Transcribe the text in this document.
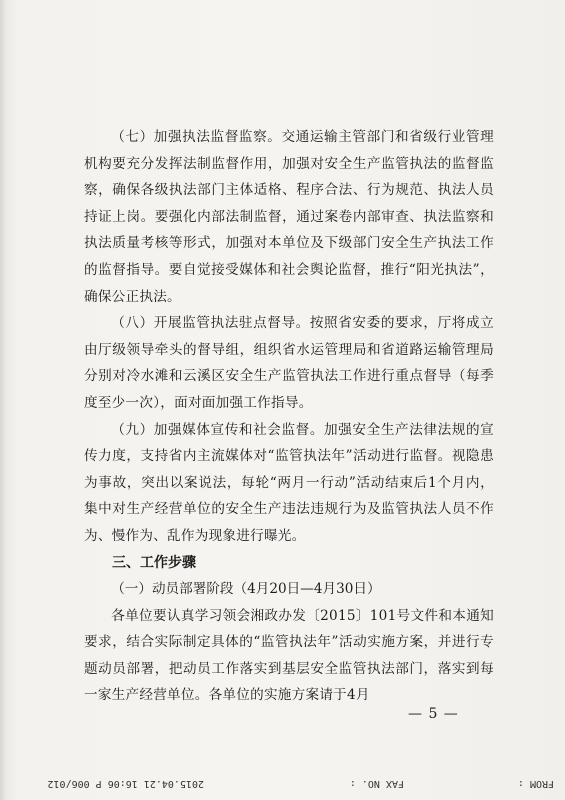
（七）加强执法监督监察。交通运输主管部门和省级行业管理机构要充分发挥法制监督作用，加强对安全生产监管执法的监督监察，确保各级执法部门主体适格、程序合法、行为规范、执法人员持证上岗。要强化内部法制监督，通过案卷内部审查、执法监察和执法质量考核等形式，加强对本单位及下级部门安全生产执法工作的监督指导。要自觉接受媒体和社会舆论监督，推行“阳光执法”，确保公正执法。

（八）开展监管执法驻点督导。按照省安委的要求，厅将成立由厅级领导牵头的督导组，组织省水运管理局和省道路运输管理局分别对冷水滩和云溪区安全生产监管执法工作进行重点督导（每季度至少一次），面对面加强工作指导。

（九）加强媒体宣传和社会监督。加强安全生产法律法规的宣传力度，支持省内主流媒体对“监管执法年”活动进行监督。视隐患为事故，突出以案说法，每轮“两月一行动”活动结束后1个月内，集中对生产经营单位的安全生产违法违规行为及监管执法人员不作为、慢作为、乱作为现象进行曝光。

三、工作步骤

（一）动员部署阶段（4月20日—4月30日）

各单位要认真学习领会湘政办发〔2015〕101号文件和本通知要求，结合实际制定具体的“监管执法年”活动实施方案，并进行专题动员部署，把动员工作落实到基层安全监管执法部门，落实到每一家生产经营单位。各单位的实施方案请于4月

— 5 —
FROM :
FAX NO. :
2015.04.21 16:06 P 006/012
